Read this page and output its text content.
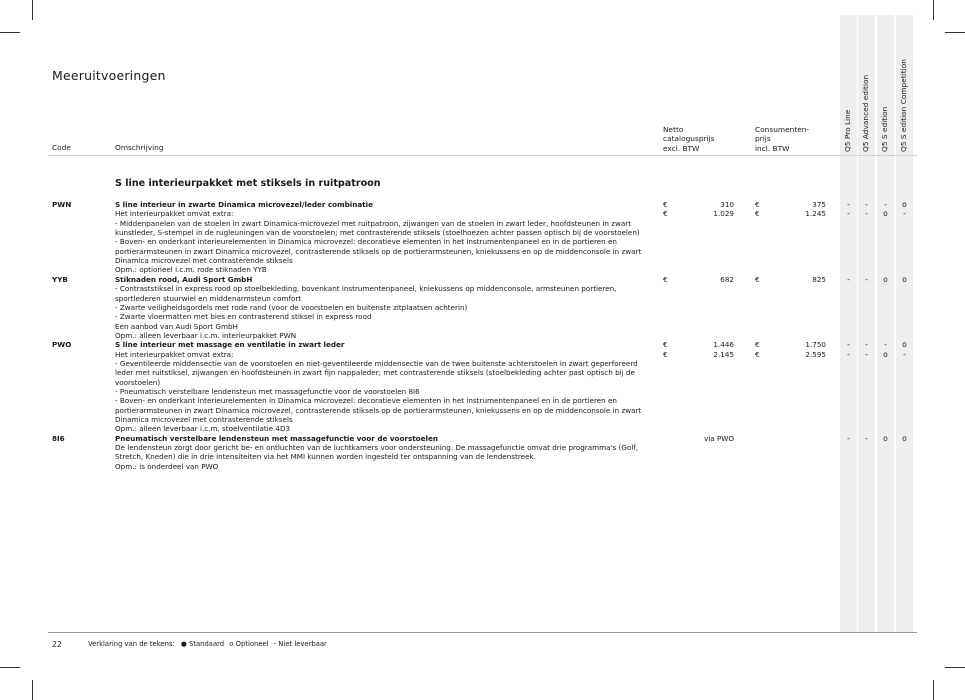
Meeruitvoeringen
Q5 Pro Line Q5 Advanced edition Q5 S edition Q5 S edition Competition
Code	Omschrijving
Netto
catalogusprijs
excl. BTW
Consumenten-
prijs
incl. BTW
S line interieurpakket met stiksels in ruitpatroon
PWN	S line interieur in zwarte Dinamica microvezel/leder combinatie	€	310	€	375	-	-	-	o
Het interieurpakket omvat extra:	€	1.029	€	1.245	-	-	o	-
- Middenpanelen van de stoelen in zwart Dinamica-microvezel met ruitpatroon, zijwangen van de stoelen in zwart leder, hoofdsteunen in zwart
kunstleder, S-stempel in de rugleuningen van de voorstoelen; met contrasterende stiksels (stoelhoezen achter passen optisch bij de voorstoelen)
- Boven- en onderkant interieurelementen in Dinamica microvezel: decoratieve elementen in het instrumentenpaneel en in de portieren en
portierarmsteunen in zwart Dinamica microvezel, contrasterende stiksels op de portierarmsteunen, kniekussens en op de middenconsole in zwart
Dinamica microvezel met contrasterende stiksels
Opm.: optioneel i.c.m. rode stiknaden YYB
YYB	Stiknaden rood, Audi Sport GmbH	€	682	€	825	-	-	o	o
- Contraststiksel in express rood op stoelbekleding, bovenkant instrumentenpaneel, kniekussens op middenconsole, armsteunen portieren,
sportlederen stuurwiel en middenarmsteun comfort
- Zwarte veiligheidsgordels met rode rand (voor de voorstoelen en buitenste zitplaatsen achterin)
- Zwarte vloermatten met bies en contrasterend stiksel in express rood
Een aanbod van Audi Sport GmbH
Opm.: alleen leverbaar i.c.m. interieurpakket PWN
PWO	S line interieur met massage en ventilatie in zwart leder	€	1.446	€	1.750	-	-	-	o
Het interieurpakket omvat extra:	€	2.145	€	2.595	-	-	o	-
- Geventileerde middensectie van de voorstoelen en niet-geventileerde middensectie van de twee buitenste achterstoelen in zwart geperforeerd
leder met ruitstiksel, zijwangen en hoofdsteunen in zwart fijn nappaleder; met contrasterende stiksels (stoelbekleding achter past optisch bij de
voorstoelen)
- Pneumatisch verstelbare lendensteun met massagefunctie voor de voorstoelen 8I6
- Boven- en onderkant interieurelementen in Dinamica microvezel: decoratieve elementen in het instrumentenpaneel en in de portieren en
portierarmsteunen in zwart Dinamica microvezel, contrasterende stiksels op de portierarmsteunen, kniekussens en op de middenconsole in zwart
Dinamica microvezel met contrasterende stiksels
Opm.: alleen leverbaar i.c.m. stoelventilatie 4D3
8I6	Pneumatisch verstelbare lendensteun met massagefunctie voor de voorstoelen	via PWO	-	-	o	o
De lendensteun zorgt door gericht be- en ontluchten van de luchtkamers voor ondersteuning. De massagefunctie omvat drie programma's (Golf,
Stretch, Kneden) die in drie intensiteiten via het MMI kunnen worden ingesteld ter ontspanning van de lendenstreek.
Opm.: is onderdeel van PWO
22	Verklaring van de tekens: ● Standaard o Optioneel - Niet leverbaar
